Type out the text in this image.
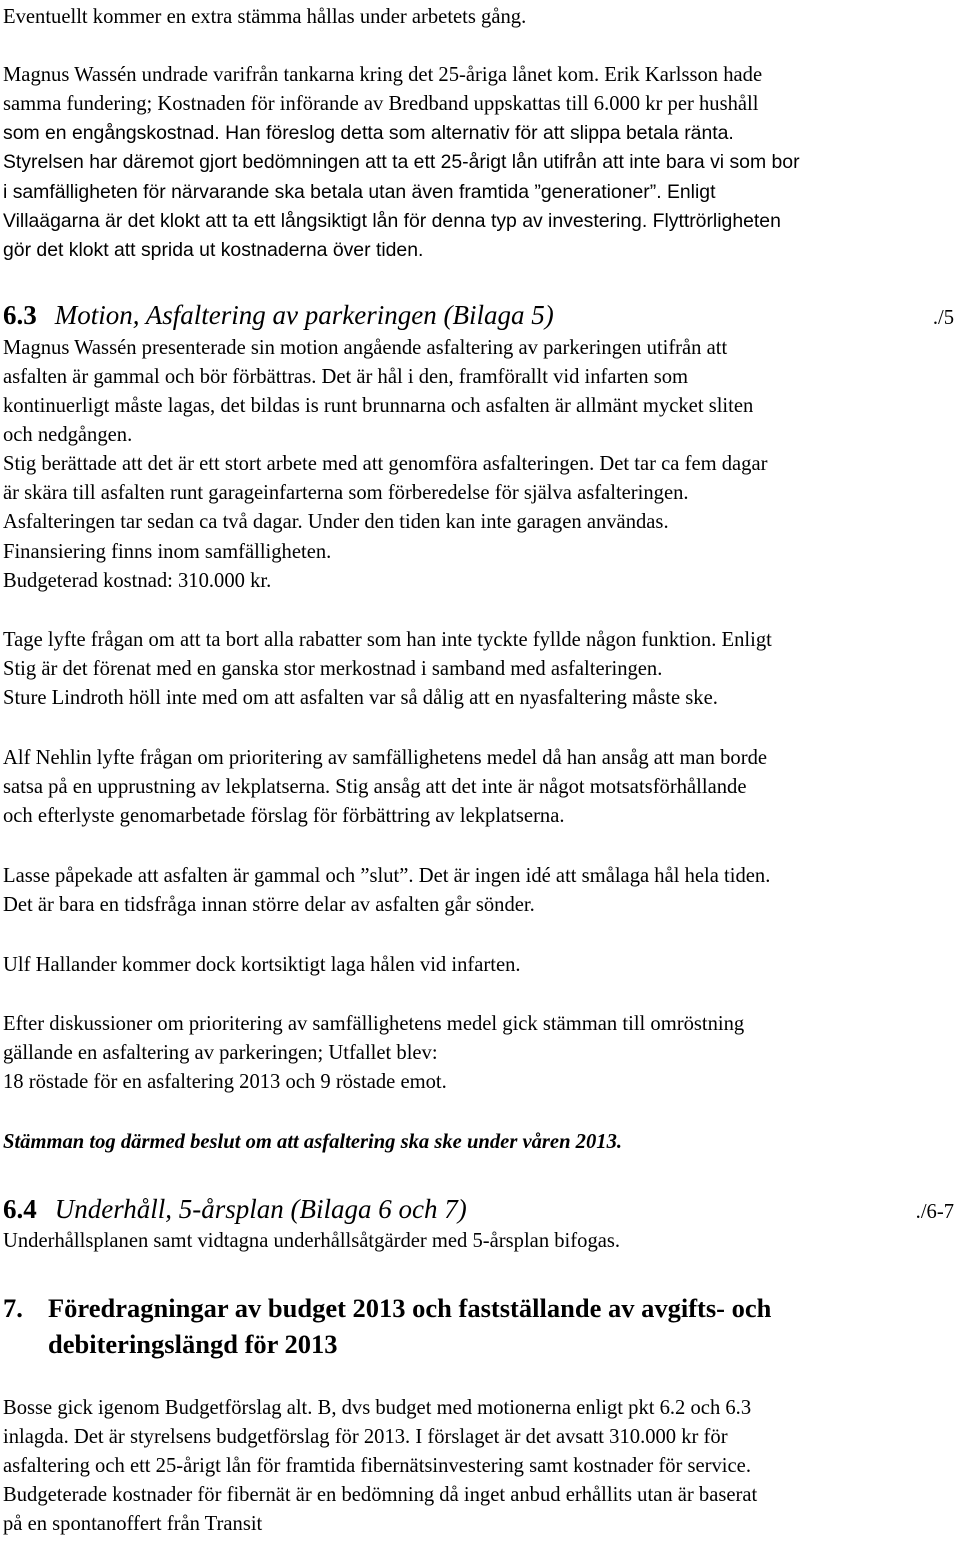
Eventuellt kommer en extra stämma hållas under arbetets gång.
Magnus Wassén undrade varifrån tankarna kring det 25-åriga lånet kom. Erik Karlsson hade
samma fundering; Kostnaden för införande av Bredband uppskattas till 6.000 kr per hushåll
som en engångskostnad. Han föreslog detta som alternativ för att slippa betala ränta.
Styrelsen har däremot gjort bedömningen att ta ett 25-årigt lån utifrån att inte bara vi som bor
i samfälligheten för närvarande ska betala utan även framtida ”generationer”. Enligt
Villaägarna är det klokt att ta ett långsiktigt lån för denna typ av investering. Flyttrörligheten
gör det klokt att sprida ut kostnaderna över tiden.
6.3 Motion, Asfaltering av parkeringen (Bilaga 5)	./5
Magnus Wassén presenterade sin motion angående asfaltering av parkeringen utifrån att
asfalten är gammal och bör förbättras. Det är hål i den, framförallt vid infarten som
kontinuerligt måste lagas, det bildas is runt brunnarna och asfalten är allmänt mycket sliten
och nedgången.
Stig berättade att det är ett stort arbete med att genomföra asfalteringen. Det tar ca fem dagar
är skära till asfalten runt garageinfarterna som förberedelse för själva asfalteringen.
Asfalteringen tar sedan ca två dagar. Under den tiden kan inte garagen användas.
Finansiering finns inom samfälligheten.
Budgeterad kostnad: 310.000 kr.
Tage lyfte frågan om att ta bort alla rabatter som han inte tyckte fyllde någon funktion. Enligt
Stig är det förenat med en ganska stor merkostnad i samband med asfalteringen.
Sture Lindroth höll inte med om att asfalten var så dålig att en nyasfaltering måste ske.
Alf Nehlin lyfte frågan om prioritering av samfällighetens medel då han ansåg att man borde
satsa på en upprustning av lekplatserna. Stig ansåg att det inte är något motsatsförhållande
och efterlyste genomarbetade förslag för förbättring av lekplatserna.
Lasse påpekade att asfalten är gammal och ”slut”. Det är ingen idé att smålaga hål hela tiden.
Det är bara en tidsfråga innan större delar av asfalten går sönder.
Ulf Hallander kommer dock kortsiktigt laga hålen vid infarten.
Efter diskussioner om prioritering av samfällighetens medel gick stämman till omröstning
gällande en asfaltering av parkeringen; Utfallet blev:
18 röstade för en asfaltering 2013 och 9 röstade emot.
Stämman tog därmed beslut om att asfaltering ska ske under våren 2013.
6.4 Underhåll, 5-årsplan (Bilaga 6 och 7)	./6-7
Underhållsplanen samt vidtagna underhållsåtgärder med 5-årsplan bifogas.
7. Föredragningar av budget 2013 och fastställande av avgifts- och
debiteringslängd för 2013
Bosse gick igenom Budgetförslag alt. B, dvs budget med motionerna enligt pkt 6.2 och 6.3
inlagda. Det är styrelsens budgetförslag för 2013. I förslaget är det avsatt 310.000 kr för
asfaltering och ett 25-årigt lån för framtida fibernätsinvestering samt kostnader för service.
Budgeterade kostnader för fibernät är en bedömning då inget anbud erhållits utan är baserat
på en spontanoffert från Transit
